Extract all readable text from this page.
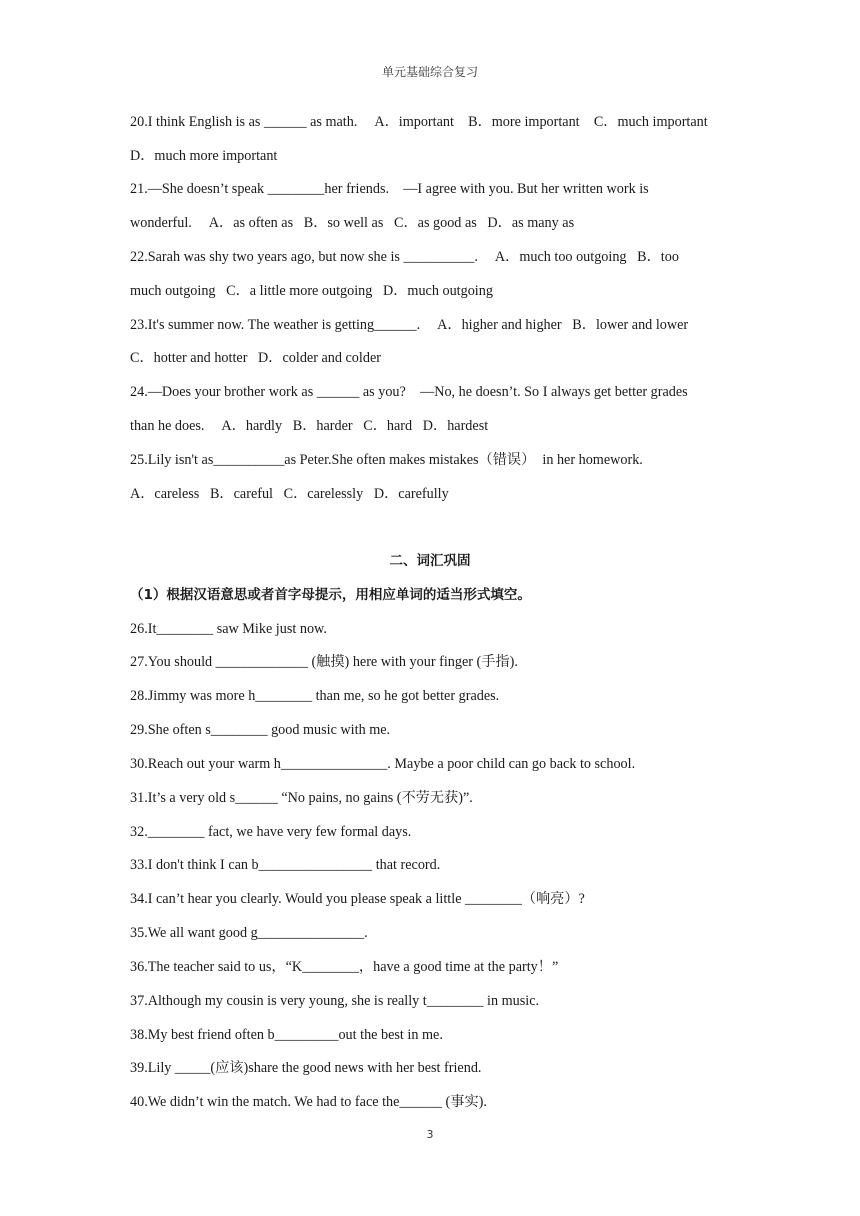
单元基础综合复习
20.I think English is as ______ as math.     A．important    B．more important    C．much important
D．much more important
21.—She doesn’t speak ________her friends.    —I agree with you. But her written work is
wonderful.     A．as often as   B．so well as   C．as good as   D．as many as
22.Sarah was shy two years ago, but now she is __________.     A．much too outgoing   B．too
much outgoing   C．a little more outgoing   D．much outgoing
23.It's summer now. The weather is getting______.     A．higher and higher   B．lower and lower
C．hotter and hotter   D．colder and colder
24.—Does your brother work as ______ as you?    —No, he doesn’t. So I always get better grades
than he does.     A．hardly   B．harder   C．hard   D．hardest
25.Lily isn't as__________as Peter.She often makes mistakes（错误）  in her homework.
A．careless   B．careful   C．carelessly   D．carefully
二、词汇巩固
（1）根据汉语意思或者首字母提示，用相应单词的适当形式填空。
26.It________ saw Mike just now.
27.You should _____________ (触摸) here with your finger (手指).
28.Jimmy was more h________ than me, so he got better grades.
29.She often s________ good music with me.
30.Reach out your warm h_______________. Maybe a poor child can go back to school.
31.It’s a very old s______ “No pains, no gains (不劳无获)”.
32.________ fact, we have very few formal days.
33.I don't think I can b________________ that record.
34.I can’t hear you clearly. Would you please speak a little ________（响亮）?
35.We all want good g_______________.
36.The teacher said to us，“K________，have a good time at the party！”
37.Although my cousin is very young, she is really t________ in music.
38.My best friend often b_________out the best in me.
39.Lily _____(应该)share the good news with her best friend.
40.We didn’t win the match. We had to face the______ (事实).
3
